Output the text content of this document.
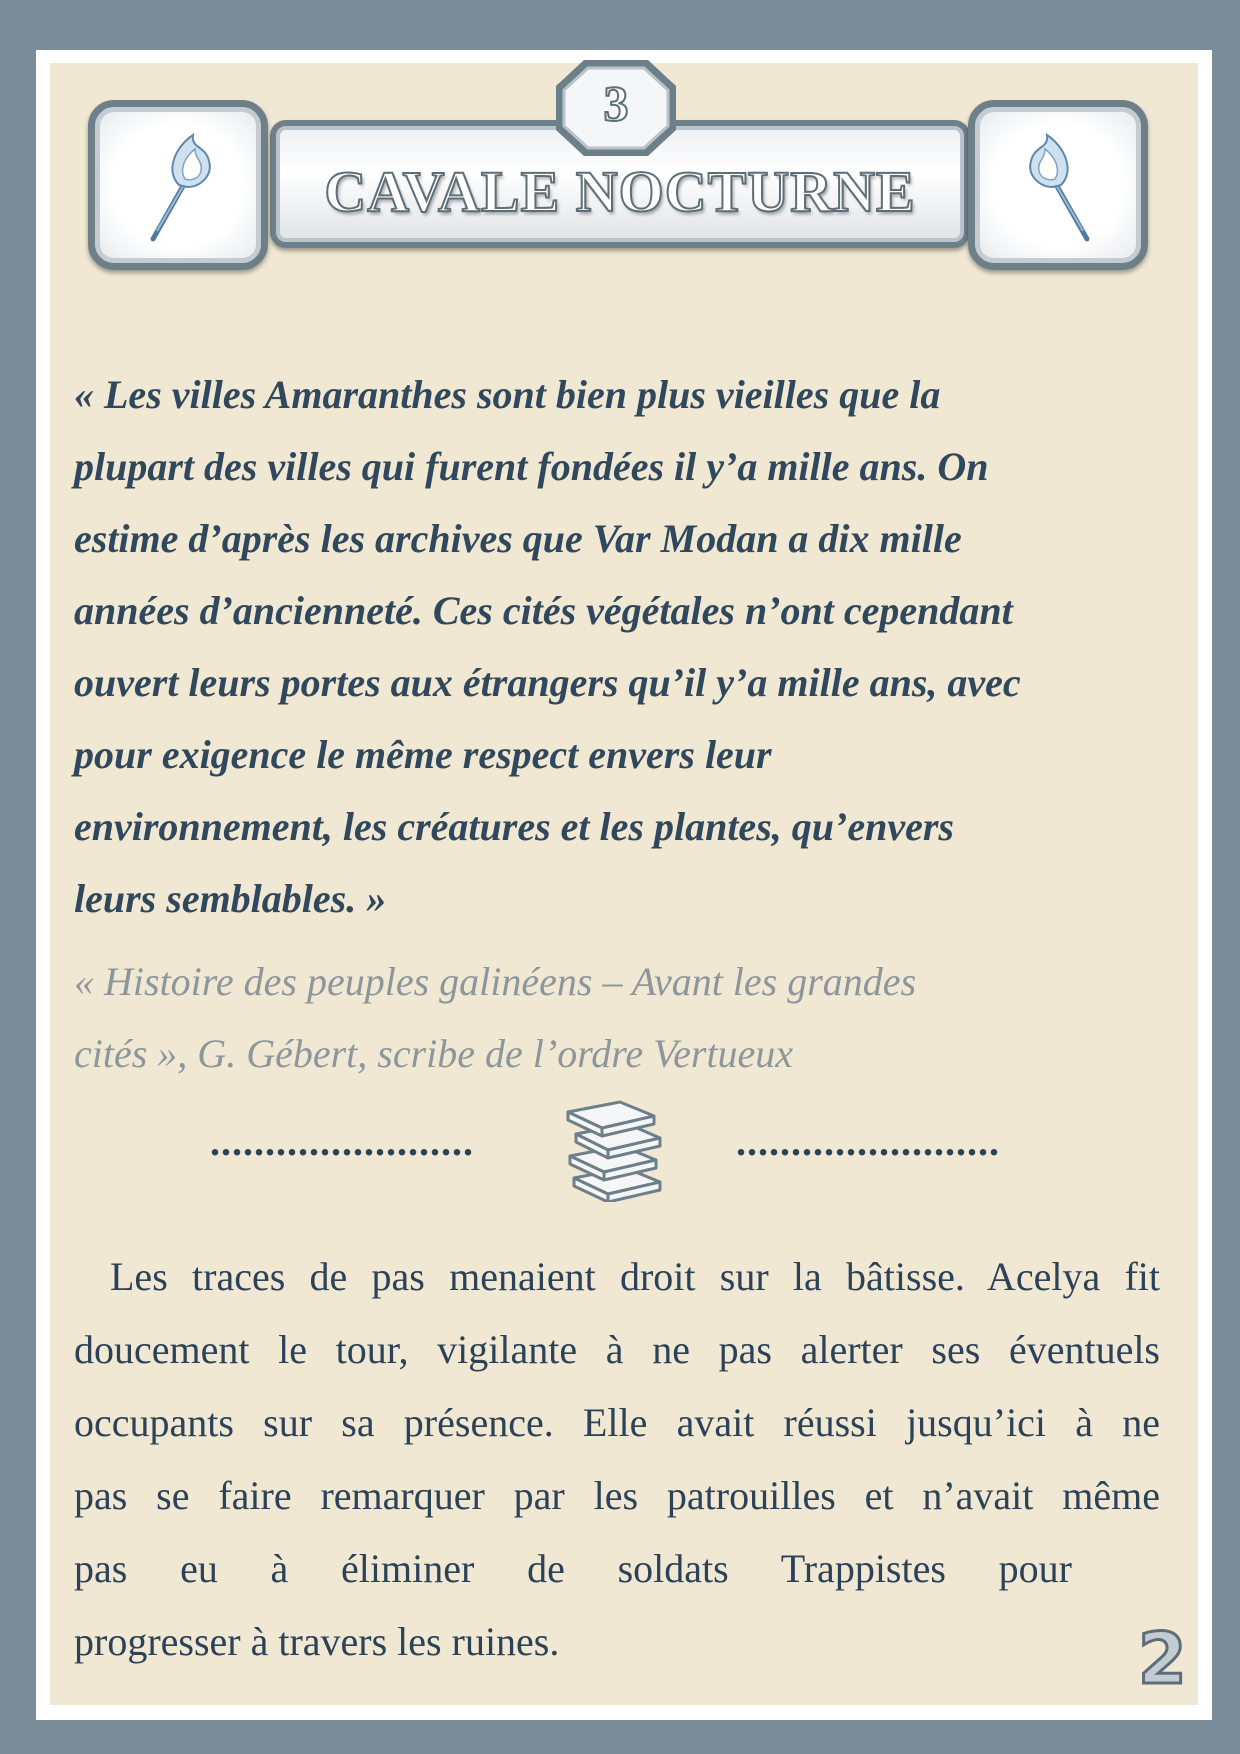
CAVALE NOCTURNE
3

« Les villes Amaranthes sont bien plus vieilles que la
plupart des villes qui furent fondées il y’a mille ans. On
estime d’après les archives que Var Modan a dix mille
années d’ancienneté. Ces cités végétales n’ont cependant
ouvert leurs portes aux étrangers qu’il y’a mille ans, avec
pour exigence le même respect envers leur
environnement, les créatures et les plantes, qu’envers
leurs semblables. »

« Histoire des peuples galinéens – Avant les grandes
cités », G. Gébert, scribe de l’ordre Vertueux

........................	........................

Les traces de pas menaient droit sur la bâtisse. Acelya fit
doucement le tour, vigilante à ne pas alerter ses éventuels
occupants sur sa présence. Elle avait réussi jusqu’ici à ne
pas se faire remarquer par les patrouilles et n’avait même
pas eu à éliminer de soldats Trappistes pour
progresser à travers les ruines.	2
